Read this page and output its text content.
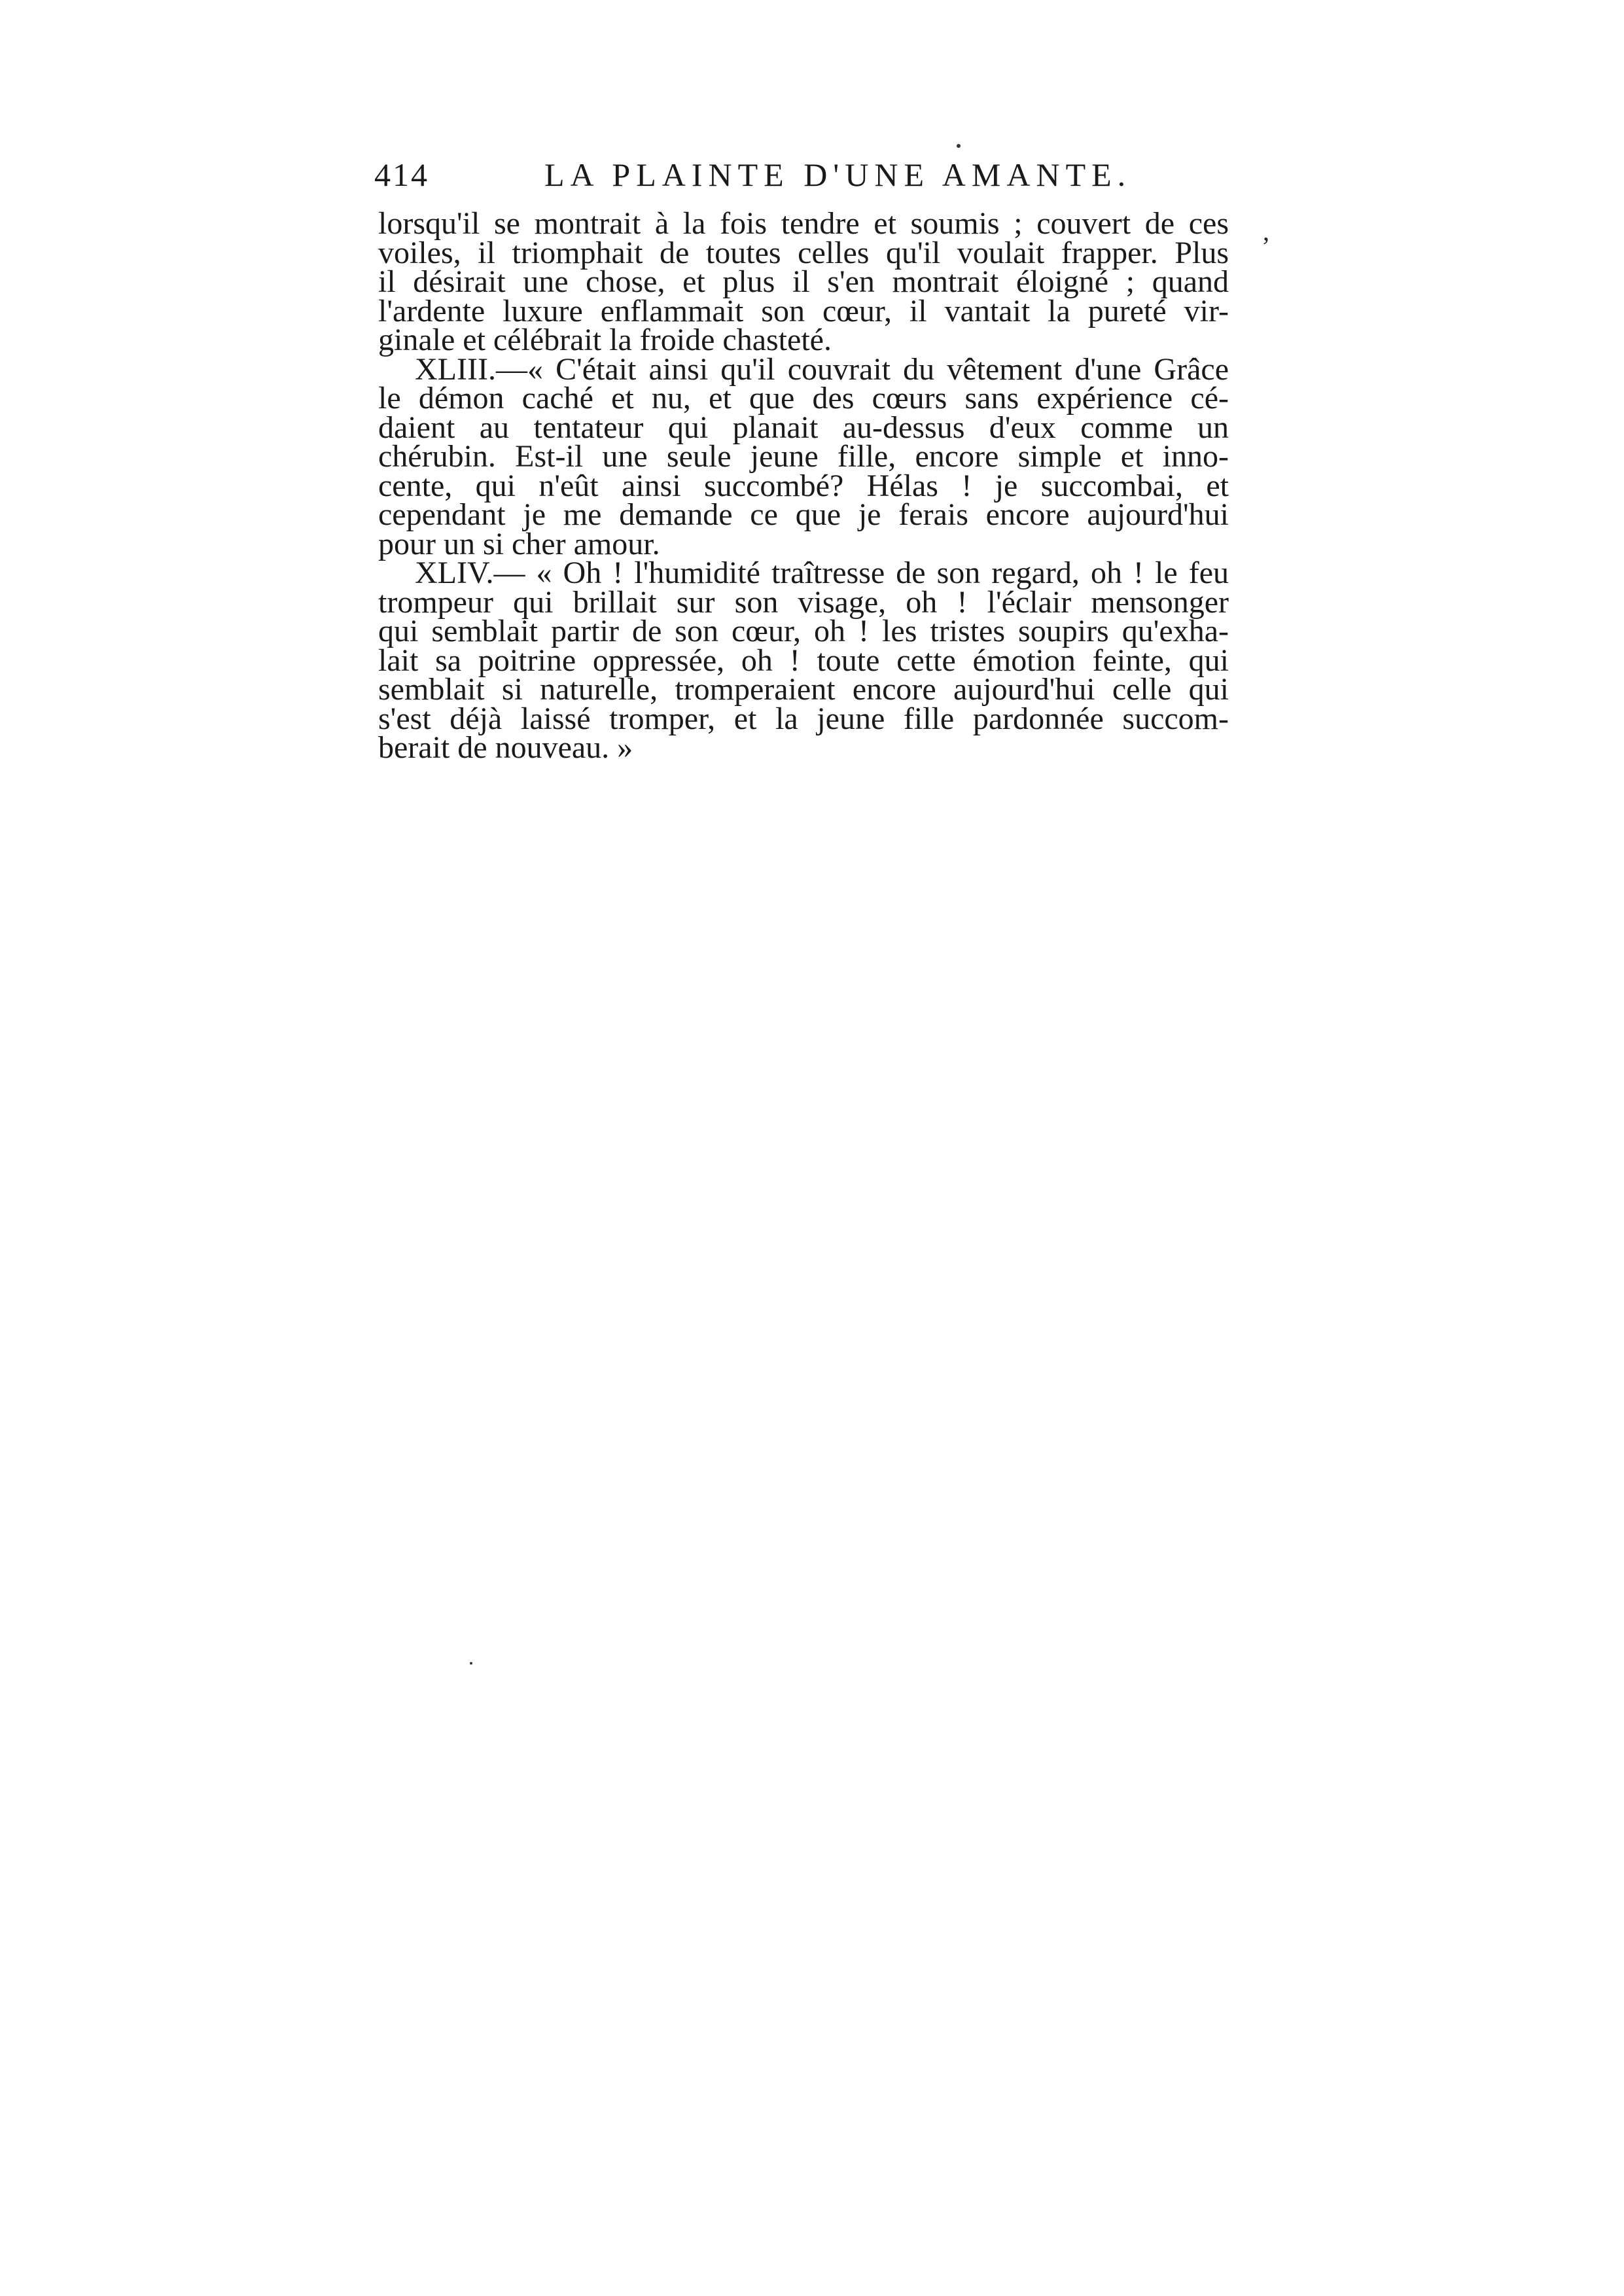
414	LA PLAINTE D'UNE AMANTE.
,
lorsqu'il se montrait à la fois tendre et soumis ; couvert de ces
voiles, il triomphait de toutes celles qu'il voulait frapper. Plus
il désirait une chose, et plus il s'en montrait éloigné ; quand
l'ardente luxure enflammait son cœur, il vantait la pureté vir-
ginale et célébrait la froide chasteté.
XLIII.—« C'était ainsi qu'il couvrait du vêtement d'une Grâce
le démon caché et nu, et que des cœurs sans expérience cé-
daient au tentateur qui planait au-dessus d'eux comme un
chérubin. Est-il une seule jeune fille, encore simple et inno-
cente, qui n'eût ainsi succombé? Hélas ! je succombai, et
cependant je me demande ce que je ferais encore aujourd'hui
pour un si cher amour.
XLIV.— « Oh ! l'humidité traîtresse de son regard, oh ! le feu
trompeur qui brillait sur son visage, oh ! l'éclair mensonger
qui semblait partir de son cœur, oh ! les tristes soupirs qu'exha-
lait sa poitrine oppressée, oh ! toute cette émotion feinte, qui
semblait si naturelle, tromperaient encore aujourd'hui celle qui
s'est déjà laissé tromper, et la jeune fille pardonnée succom-
berait de nouveau. »
